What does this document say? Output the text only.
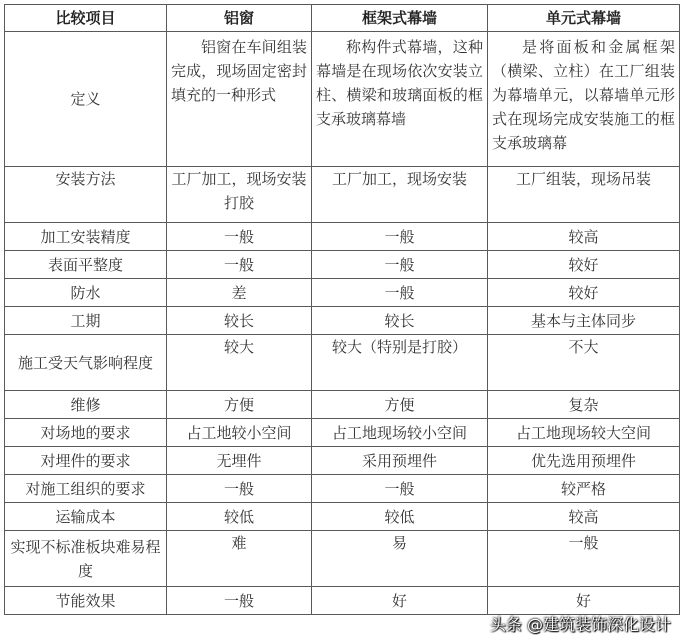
比较项目	铝窗	框架式幕墙	单元式幕墙
定义	铝窗在车间组装完成，现场固定密封填充的一种形式	称构件式幕墙，这种幕墙是在现场依次安装立柱、横梁和玻璃面板的框支承玻璃幕墙	是将面板和金属框架（横梁、立柱）在工厂组装为幕墙单元，以幕墙单元形式在现场完成安装施工的框支承玻璃幕
安装方法	工厂加工，现场安装打胶	工厂加工，现场安装	工厂组装，现场吊装
加工安装精度	一般	一般	较高
表面平整度	一般	一般	较好
防水	差	一般	较好
工期	较长	较长	基本与主体同步
施工受天气影响程度	较大	较大（特别是打胶）	不大
维修	方便	方便	复杂
对场地的要求	占工地较小空间	占工地现场较小空间	占工地现场较大空间
对埋件的要求	无埋件	采用预埋件	优先选用预埋件
对施工组织的要求	一般	一般	较严格
运输成本	较低	较低	较高
实现不标准板块难易程度	难	易	一般
节能效果	一般	好	好
头条 @建筑装饰深化设计
